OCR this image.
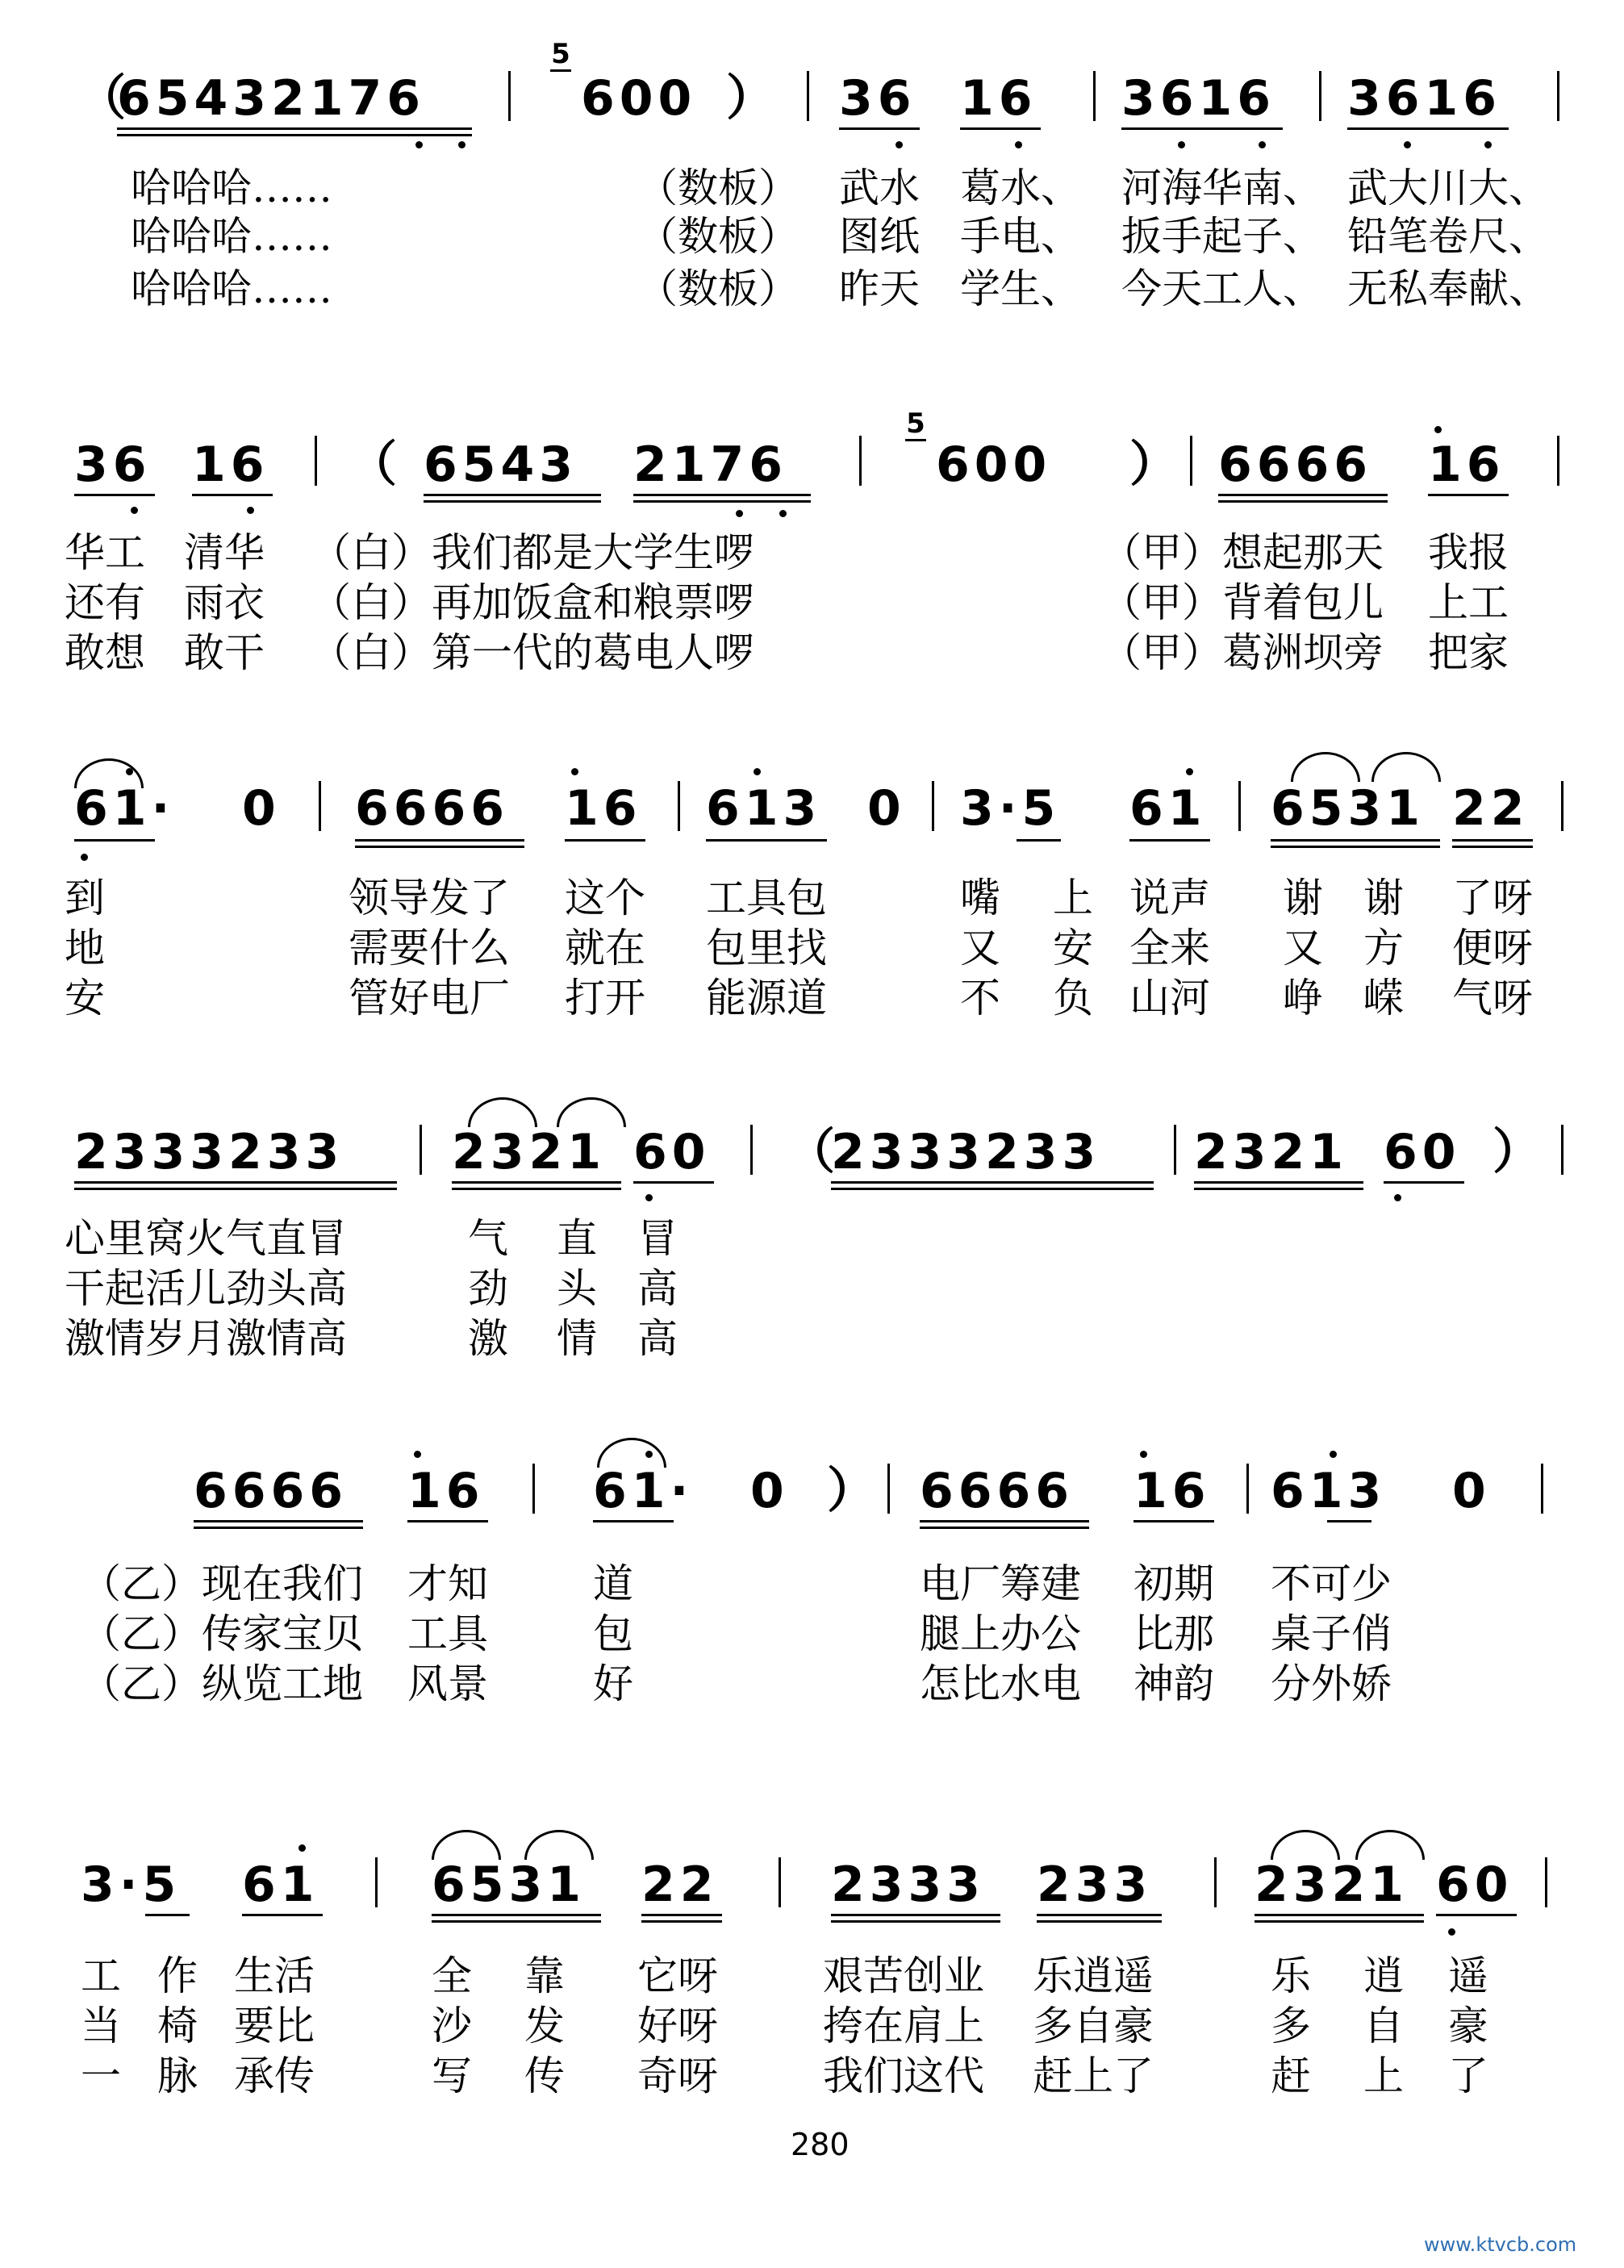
（
65432176
5
600 ） 36 16 3616 3616
哈哈哈……	（数板） 武水 葛水、 河海华南、 武大川大、
哈哈哈……	（数板） 图纸 手电、 扳手起子、 铅笔卷尺、
哈哈哈……	（数板） 昨天 学生、 今天工人、 无私奉献、
36 16 （ 6543 2176
5
600 ） 6666 16
华工 清华 （白）我们都是大学生啰	（甲）想起那天 我报
还有 雨衣 （白）再加饭盒和粮票啰	（甲）背着包儿 上工
敢想 敢干 （白）第一代的葛电人啰	（甲）葛洲坝旁 把家
61· 0 6666 16 613 0 3·5 61 6531 22
到	领导发了 这个 工具包	嘴 上 说声 谢 谢 了呀
地	需要什么 就在 包里找	又 安 全来 又 方 便呀
安	管好电厂 打开 能源道	不 负 山河 峥 嵘 气呀
2333233 2321 60 （
2333233 2321 60 ）
心里窝火气直冒	气 直 冒
干起活儿劲头高	劲 头 高
激情岁月激情高	激 情 高
6666 16 61· 0 ） 6666 16 613 0
（乙）现在我们 才知	道	电厂筹建 初期 不可少
（乙）传家宝贝 工具	包	腿上办公 比那 桌子俏
（乙）纵览工地 风景	好	怎比水电 神韵 分外娇
3·5 61 6531 22 2333 233 2321 60
工 作 生活	全 靠 它呀	艰苦创业 乐逍遥	乐 逍 遥
当 椅 要比	沙 发 好呀	挎在肩上 多自豪	多 自 豪
一 脉 承传	写 传 奇呀	我们这代 赶上了	赶 上 了
280
www.ktvcb.com
